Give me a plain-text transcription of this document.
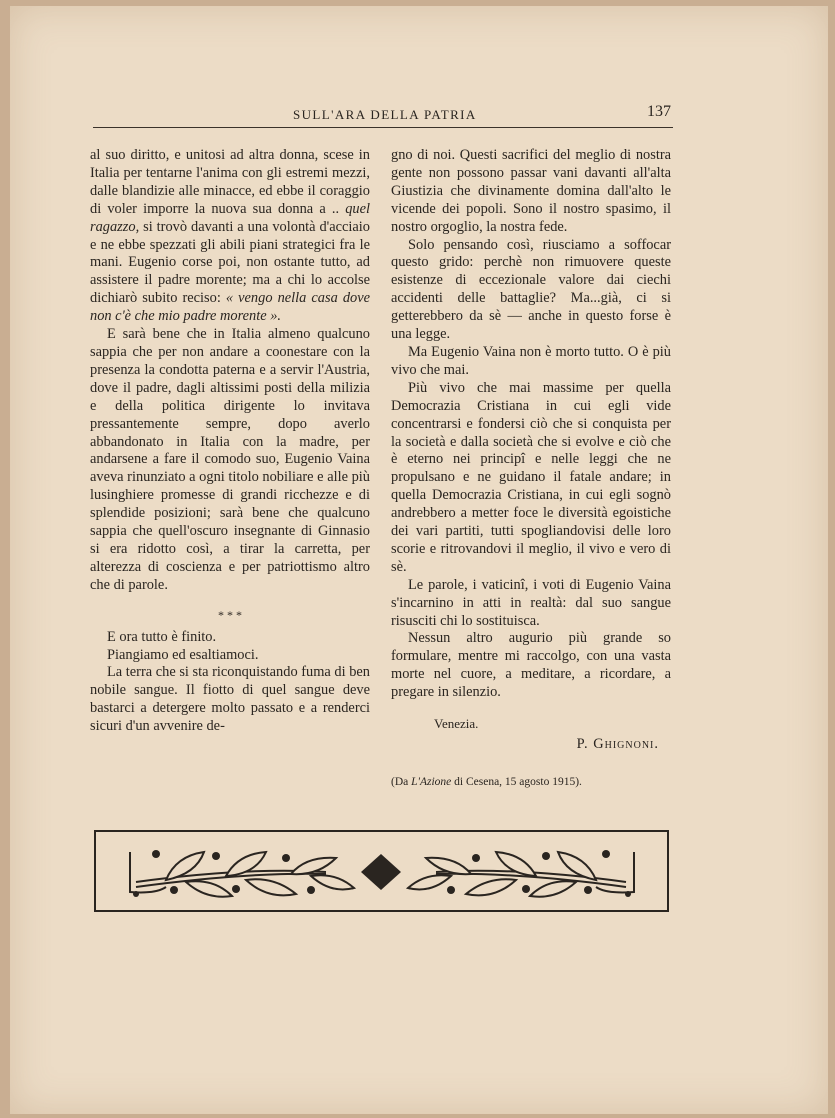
SULL'ARA DELLA PATRIA	137

al suo diritto, e unitosi ad altra donna, scese in Italia per tentarne l'anima con gli estremi mezzi, dalle blandizie alle minacce, ed ebbe il coraggio di voler imporre la nuova sua donna a .. quel ragazzo, si trovò davanti a una volontà d'acciaio e ne ebbe spezzati gli abili piani strategici fra le mani. Eugenio corse poi, non ostante tutto, ad assistere il padre morente; ma a chi lo accolse dichiarò subito reciso: « vengo nella casa dove non c'è che mio padre morente ».

E sarà bene che in Italia almeno qualcuno sappia che per non andare a coonestare con la presenza la condotta paterna e a servir l'Austria, dove il padre, dagli altissimi posti della milizia e della politica dirigente lo invitava pressantemente sempre, dopo averlo abbandonato in Italia con la madre, per andarsene a fare il comodo suo, Eugenio Vaina aveva rinunziato a ogni titolo nobiliare e alle più lusinghiere promesse di grandi ricchezze e di splendide posizioni; sarà bene che qualcuno sappia che quell'oscuro insegnante di Ginnasio si era ridotto così, a tirar la carretta, per alterezza di coscienza e per patriottismo altro che di parole.

* * *

E ora tutto è finito.

Piangiamo ed esaltiamoci.

La terra che si sta riconquistando fuma di ben nobile sangue. Il fiotto di quel sangue deve bastarci a detergere molto passato e a renderci sicuri d'un avvenire de-

gno di noi. Questi sacrifici del meglio di nostra gente non possono passar vani davanti all'alta Giustizia che divinamente domina dall'alto le vicende dei popoli. Sono il nostro spasimo, il nostro orgoglio, la nostra fede.

Solo pensando così, riusciamo a soffocar questo grido: perchè non rimuovere queste esistenze di eccezionale valore dai ciechi accidenti delle battaglie? Ma...già, ci si getterebbero da sè — anche in questo forse è una legge.

Ma Eugenio Vaina non è morto tutto. O è più vivo che mai.

Più vivo che mai massime per quella Democrazia Cristiana in cui egli vide concentrarsi e fondersi ciò che si conquista per la società e dalla società che si evolve e ciò che è eterno nei principî e nelle leggi che ne propulsano e ne guidano il fatale andare; in quella Democrazia Cristiana, in cui egli sognò andrebbero a metter foce le diversità egoistiche dei vari partiti, tutti spogliandovisi delle loro scorie e ritrovandovi il meglio, il vivo e vero di sè.

Le parole, i vaticinî, i voti di Eugenio Vaina s'incarnino in atti in realtà: dal suo sangue risusciti chi lo sostituisca.

Nessun altro augurio più grande so formulare, mentre mi raccolgo, con una vasta morte nel cuore, a meditare, a ricordare, a pregare in silenzio.

Venezia.

P. Ghignoni.

(Da L'Azione di Cesena, 15 agosto 1915).
